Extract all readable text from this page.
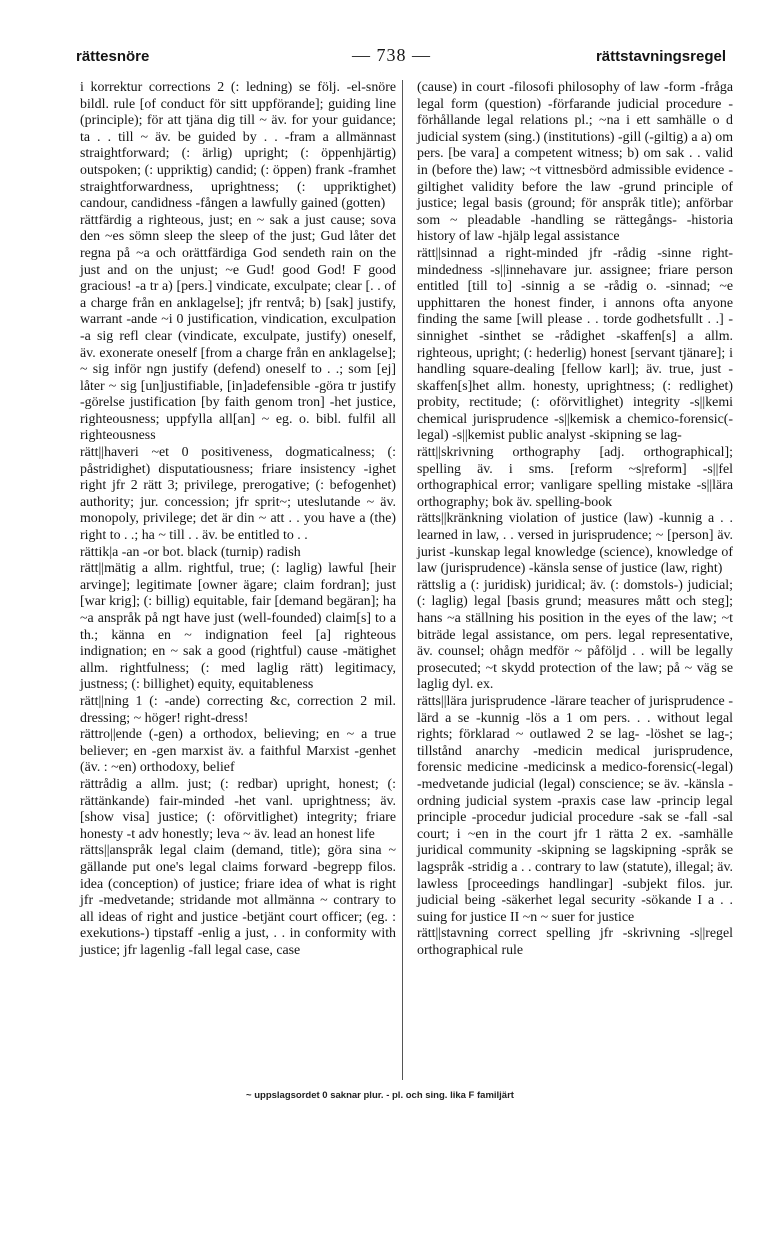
rättesnöre	— 738 —	rättstavningsregel

i korrektur corrections 2 (: ledning) se följ. -el-snöre bildl. rule [of conduct för sitt uppförande]; guiding line (principle); för att tjäna dig till ~ äv. for your guidance; ta . . till ~ äv. be guided by . . -fram a allmännast straightforward; (: ärlig) upright; (: öppenhjärtig) outspoken; (: uppriktig) candid; (: öppen) frank -framhet straightforwardness, uprightness; (: uppriktighet) candour, candidness -fången a lawfully gained (gotten)

rättfärdig a righteous, just; en ~ sak a just cause; sova den ~es sömn sleep the sleep of the just; Gud låter det regna på ~a och orättfärdiga God sendeth rain on the just and on the unjust; ~e Gud! good God! F good gracious! -a tr a) [pers.] vindicate, exculpate; clear [. . of a charge från en anklagelse]; jfr rentvå; b) [sak] justify, warrant -ande ~i 0 justification, vindication, exculpation -a sig refl clear (vindicate, exculpate, justify) oneself, äv. exonerate oneself [from a charge från en anklagelse]; ~ sig inför ngn justify (defend) oneself to . .; som [ej] låter ~ sig [un]justifiable, [in]adefensible -göra tr justify -görelse justification [by faith genom tron] -het justice, righteousness; uppfylla all[an] ~ eg. o. bibl. fulfil all righteousness

rätt||haveri ~et 0 positiveness, dogmaticalness; (: påstridighet) disputatiousness; friare insistency -ighet right jfr 2 rätt 3; privilege, prerogative; (: befogenhet) authority; jur. concession; jfr sprit~; uteslutande ~ äv. monopoly, privilege; det är din ~ att . . you have a (the) right to . .; ha ~ till . . äv. be entitled to . .

rättik|a -an -or bot. black (turnip) radish

rätt||mätig a allm. rightful, true; (: laglig) lawful [heir arvinge]; legitimate [owner ägare; claim fordran]; just [war krig]; (: billig) equitable, fair [demand begäran]; ha ~a anspråk på ngt have just (well-founded) claim[s] to a th.; känna en ~ indignation feel [a] righteous indignation; en ~ sak a good (rightful) cause -mätighet allm. rightfulness; (: med laglig rätt) legitimacy, justness; (: billighet) equity, equitableness

rätt||ning 1 (: -ande) correcting &c, correction 2 mil. dressing; ~ höger! right-dress!

rättro||ende (-gen) a orthodox, believing; en ~ a true believer; en -gen marxist äv. a faithful Marxist -genhet (äv. : ~en) orthodoxy, belief

rättrådig a allm. just; (: redbar) upright, honest; (: rättänkande) fair-minded -het vanl. uprightness; äv. [show visa] justice; (: oförvitlighet) integrity; friare honesty -t adv honestly; leva ~ äv. lead an honest life

rätts||anspråk legal claim (demand, title); göra sina ~ gällande put one's legal claims forward -begrepp filos. idea (conception) of justice; friare idea of what is right jfr -medvetande; stridande mot allmänna ~ contrary to all ideas of right and justice -betjänt court officer; (eg. : exekutions-) tipstaff -enlig a just, . . in conformity with justice; jfr lagenlig -fall legal case, case

(cause) in court -filosofi philosophy of law -form -fråga legal form (question) -förfarande judicial procedure -förhållande legal relations pl.; ~na i ett samhälle o d judicial system (sing.) (institutions) -gill (-giltig) a a) om pers. [be vara] a competent witness; b) om sak . . valid in (before the) law; ~t vittnesbörd admissible evidence -giltighet validity before the law -grund principle of justice; legal basis (ground; för anspråk title); anförbar som ~ pleadable -handling se rättegångs- -historia history of law -hjälp legal assistance

rätt||sinnad a right-minded jfr -rådig -sinne right-mindedness -s||innehavare jur. assignee; friare person entitled [till to] -sinnig a se -rådig o. -sinnad; ~e upphittaren the honest finder, i annons ofta anyone finding the same [will please . . torde godhetsfullt . .] -sinnighet -sinthet se -rådighet -skaffen[s] a allm. righteous, upright; (: hederlig) honest [servant tjänare]; i handling square-dealing [fellow karl]; äv. true, just -skaffen[s]het allm. honesty, uprightness; (: redlighet) probity, rectitude; (: oförvitlighet) integrity -s||kemi chemical jurisprudence -s||kemisk a chemico-forensic(-legal) -s||kemist public analyst -skipning se lag-

rätt||skrivning orthography [adj. orthographical]; spelling äv. i sms. [reform ~s|reform] -s||fel orthographical error; vanligare spelling mistake -s||lära orthography; bok äv. spelling-book

rätts||kränkning violation of justice (law) -kunnig a . . learned in law, . . versed in jurisprudence; ~ [person] äv. jurist -kunskap legal knowledge (science), knowledge of law (jurisprudence) -känsla sense of justice (law, right)

rättslig a (: juridisk) juridical; äv. (: domstols-) judicial; (: laglig) legal [basis grund; measures mått och steg]; hans ~a ställning his position in the eyes of the law; ~t biträde legal assistance, om pers. legal representative, äv. counsel; ohågn medför ~ påföljd . . will be legally prosecuted; ~t skydd protection of the law; på ~ väg se laglig dyl. ex.

rätts||lära jurisprudence -lärare teacher of jurisprudence -lärd a se -kunnig -lös a 1 om pers. . . without legal rights; förklarad ~ outlawed 2 se lag- -löshet se lag-; tillstånd anarchy -medicin medical jurisprudence, forensic medicine -medicinsk a medico-forensic(-legal) -medvetande judicial (legal) conscience; se äv. -känsla -ordning judicial system -praxis case law -princip legal principle -procedur judicial procedure -sak se -fall -sal court; i ~en in the court jfr 1 rätta 2 ex. -samhälle juridical community -skipning se lagskipning -språk se lagspråk -stridig a . . contrary to law (statute), illegal; äv. lawless [proceedings handlingar] -subjekt filos. jur. judicial being -säkerhet legal security -sökande I a . . suing for justice II ~n ~ suer for justice

rätt||stavning correct spelling jfr -skrivning -s||regel orthographical rule

~ uppslagsordet 0 saknar plur. - pl. och sing. lika F familjärt
